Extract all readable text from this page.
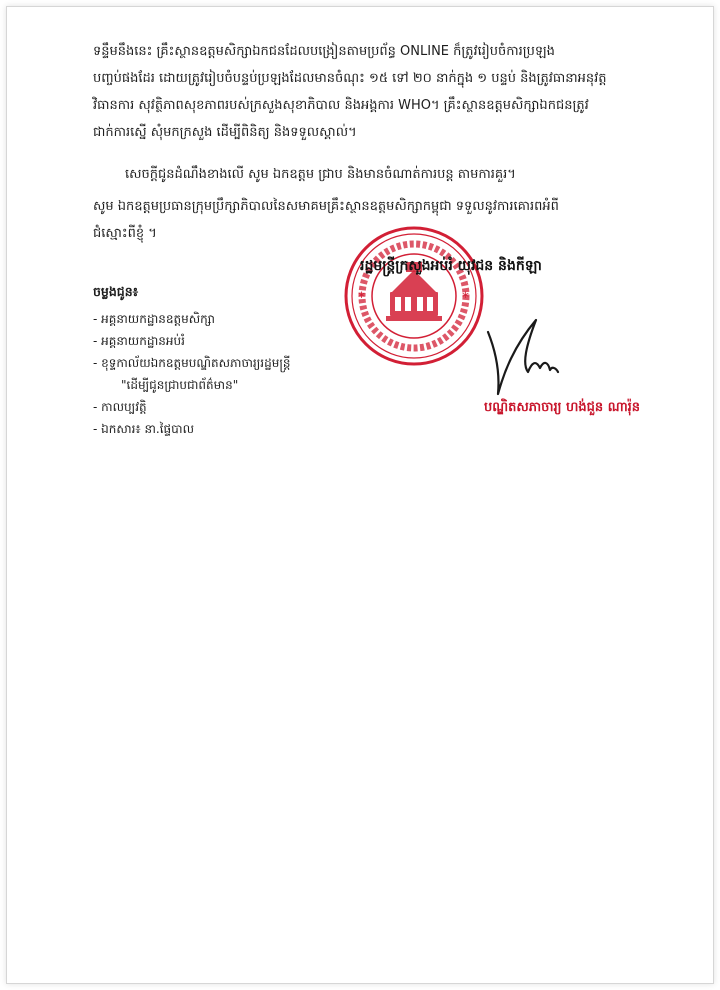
ទន្ទឹមនឹងនេះ គ្រឹះស្ថានឧត្តមសិក្សាឯកជនដែលបង្រៀនតាមប្រព័ន្ធ ONLINE ក៏ត្រូវរៀបចំការប្រឡង
បញ្ចប់ផងដែរ ដោយត្រូវរៀបចំបន្ទប់ប្រឡងដែលមានចំណុះ ១៥ ទៅ ២០ នាក់ក្នុង ១ បន្ទប់ និងត្រូវធានាអនុវត្ត
វិធានការ សុវត្ថិភាពសុខភាពរបស់ក្រសួងសុខាភិបាល និងអង្គការ WHO។ គ្រឹះស្ថានឧត្តមសិក្សាឯកជនត្រូវ
ជាក់ការស្នើ សុំមកក្រសួង ដើម្បីពិនិត្យ និងទទួលស្គាល់។
សេចក្តីជូនដំណឹងខាងលើ សូម ឯកឧត្តម ជ្រាប និងមានចំណាត់ការបន្ត តាមការគួរ។
សូម ឯកឧត្តមប្រធានក្រុមប្រឹក្សាភិបាលនៃសមាគមគ្រឹះស្ថានឧត្តមសិក្សាកម្ពុជា ទទួលនូវការគោរពអំពី
ជំស្មោះពីខ្ញុំ ។
*	*
រដ្ឋមន្ត្រីក្រសួងអប់រំ យុវជន និងកីឡា
បណ្ឌិតសភាចារ្យ ហង់ជួន ណារ៉ុន
ចម្លងជូន៖
- អគ្គនាយកដ្ឋានឧត្តមសិក្សា
- អគ្គនាយកដ្ឋានអប់រំ
- ខុទ្ទកាល័យឯកឧត្តមបណ្ឌិតសភាចារ្យរដ្ឋមន្ត្រី
"ដើម្បីជូនជ្រាបជាព័ត៌មាន"
- កាលប្បវត្តិ
- ឯកសារ៖ នា.ផ្ទៃបាល
